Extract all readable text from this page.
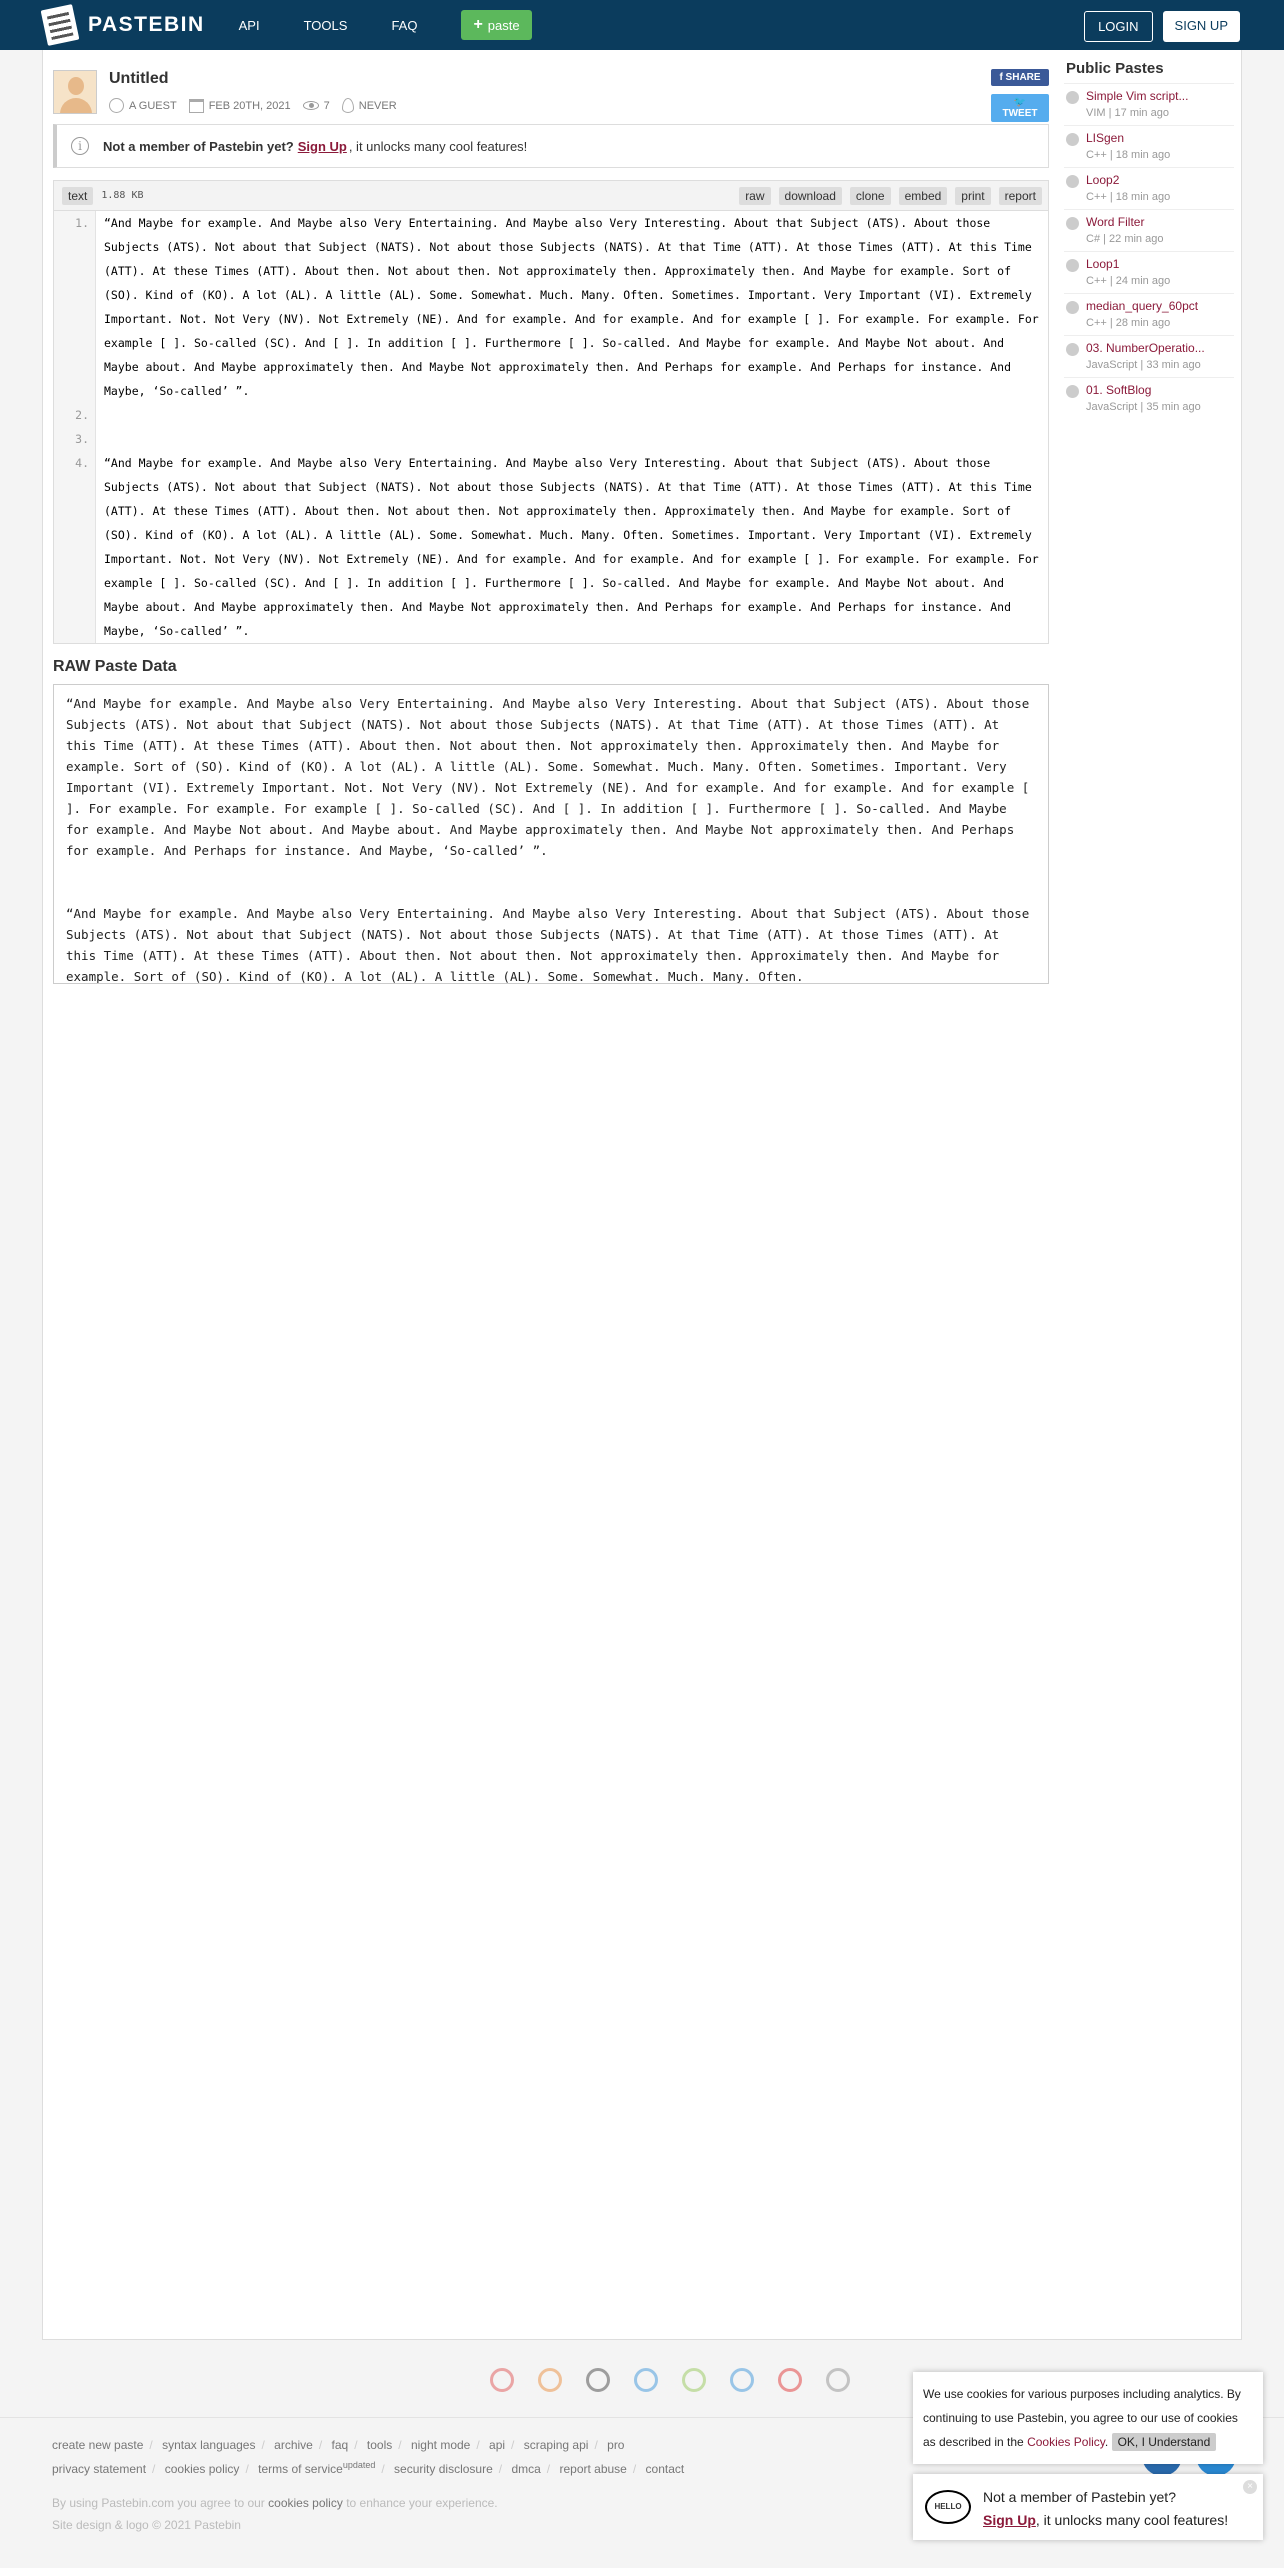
PASTEBIN	API	TOOLS	FAQ	+ paste	LOGIN	SIGN UP
Untitled
A GUEST	FEB 20TH, 2021	7	NEVER
f SHARE
🐦 TWEET
i	Not a member of Pastebin yet? Sign Up , it unlocks many cool features!
text	1.88 KB	raw	download	clone	embed	print	report
1.	“And Maybe for example. And Maybe also Very Entertaining. And Maybe also Very Interesting. About that Subject (ATS). About those Subjects (ATS). Not about that Subject (NATS). Not about those Subjects (NATS). At that Time (ATT). At those Times (ATT). At this Time (ATT). At these Times (ATT). About then. Not about then. Not approximately then. Approximately then. And Maybe for example. Sort of (SO). Kind of (KO). A lot (AL). A little (AL). Some. Somewhat. Much. Many. Often. Sometimes. Important. Very Important (VI). Extremely Important. Not. Not Very (NV). Not Extremely (NE). And for example. And for example. And for example [ ]. For example. For example. For example [ ]. So-called (SC). And [ ]. In addition [ ]. Furthermore [ ]. So-called. And Maybe for example. And Maybe Not about. And Maybe about. And Maybe approximately then. And Maybe Not approximately then. And Perhaps for example. And Perhaps for instance. And Maybe, ‘So-called’ ”.
2.
3.
4.	“And Maybe for example. And Maybe also Very Entertaining. And Maybe also Very Interesting. About that Subject (ATS). About those Subjects (ATS). Not about that Subject (NATS). Not about those Subjects (NATS). At that Time (ATT). At those Times (ATT). At this Time (ATT). At these Times (ATT). About then. Not about then. Not approximately then. Approximately then. And Maybe for example. Sort of (SO). Kind of (KO). A lot (AL). A little (AL). Some. Somewhat. Much. Many. Often. Sometimes. Important. Very Important (VI). Extremely Important. Not. Not Very (NV). Not Extremely (NE). And for example. And for example. And for example [ ]. For example. For example. For example [ ]. So-called (SC). And [ ]. In addition [ ]. Furthermore [ ]. So-called. And Maybe for example. And Maybe Not about. And Maybe about. And Maybe approximately then. And Maybe Not approximately then. And Perhaps for example. And Perhaps for instance. And Maybe, ‘So-called’ ”.
RAW Paste Data
“And Maybe for example. And Maybe also Very Entertaining. And Maybe also Very Interesting. About that Subject (ATS). About those Subjects (ATS). Not about that Subject (NATS). Not about those Subjects (NATS). At that Time (ATT). At those Times (ATT). At this Time (ATT). At these Times (ATT). About then. Not about then. Not approximately then. Approximately then. And Maybe for example. Sort of (SO). Kind of (KO). A lot (AL). A little (AL). Some. Somewhat. Much. Many. Often. Sometimes. Important. Very Important (VI). Extremely Important. Not. Not Very (NV). Not Extremely (NE). And for example. And for example. And for example [ ]. For example. For example. For example [ ]. So-called (SC). And [ ]. In addition [ ]. Furthermore [ ]. So-called. And Maybe for example. And Maybe Not about. And Maybe about. And Maybe approximately then. And Maybe Not approximately then. And Perhaps for example. And Perhaps for instance. And Maybe, ‘So-called’ ”.

“And Maybe for example. And Maybe also Very Entertaining. And Maybe also Very Interesting. About that Subject (ATS). About those Subjects (ATS). Not about that Subject (NATS). Not about those Subjects (NATS). At that Time (ATT). At those Times (ATT). At this Time (ATT). At these Times (ATT). About then. Not about then. Not approximately then. Approximately then. And Maybe for example. Sort of (SO). Kind of (KO). A lot (AL). A little (AL). Some. Somewhat. Much. Many. Often.
Public Pastes
Simple Vim script...
VIM | 17 min ago
LISgen
C++ | 18 min ago
Loop2
C++ | 18 min ago
Word Filter
C# | 22 min ago
Loop1
C++ | 24 min ago
median_query_60pct
C++ | 28 min ago
03. NumberOperatio...
JavaScript | 33 min ago
01. SoftBlog
JavaScript | 35 min ago
create new paste / syntax languages / archive / faq / tools / night mode / api / scraping api / pro
privacy statement / cookies policy / terms of service$^{updated}$ / security disclosure / dmca / report abuse / contact
By using Pastebin.com you agree to our cookies policy to enhance your experience.
Site design & logo © 2021 Pastebin
We use cookies for various purposes including analytics. By continuing to use Pastebin, you agree to our use of cookies as described in the Cookies Policy. OK, I Understand
HELLO
Not a member of Pastebin yet?
Sign Up, it unlocks many cool features!
×
